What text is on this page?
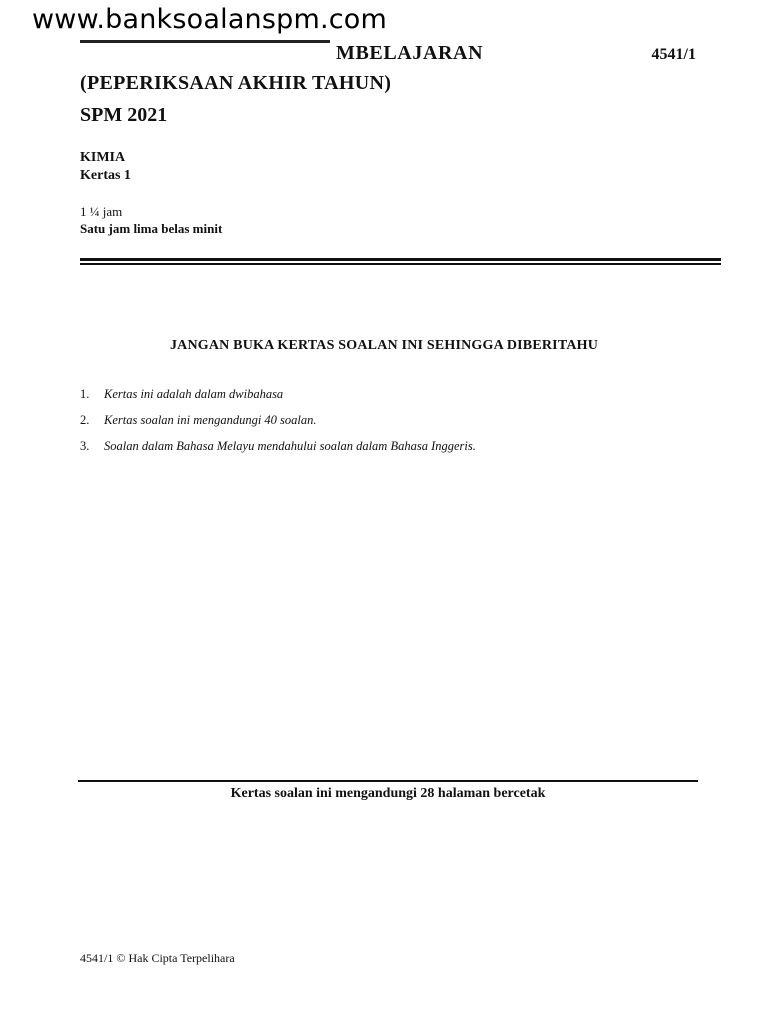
www.banksoalanspm.com
4541/1
MBELAJARAN
(PEPERIKSAAN AKHIR TAHUN)
SPM 2021
KIMIA
Kertas 1
1 ¼ jam
Satu jam lima belas minit
JANGAN BUKA KERTAS SOALAN INI SEHINGGA DIBERITAHU
1.	Kertas ini adalah dalam dwibahasa
2.	Kertas soalan ini mengandungi 40 soalan.
3.	Soalan dalam Bahasa Melayu mendahului soalan dalam Bahasa Inggeris.
Kertas soalan ini mengandungi 28 halaman bercetak
4541/1 © Hak Cipta Terpelihara
